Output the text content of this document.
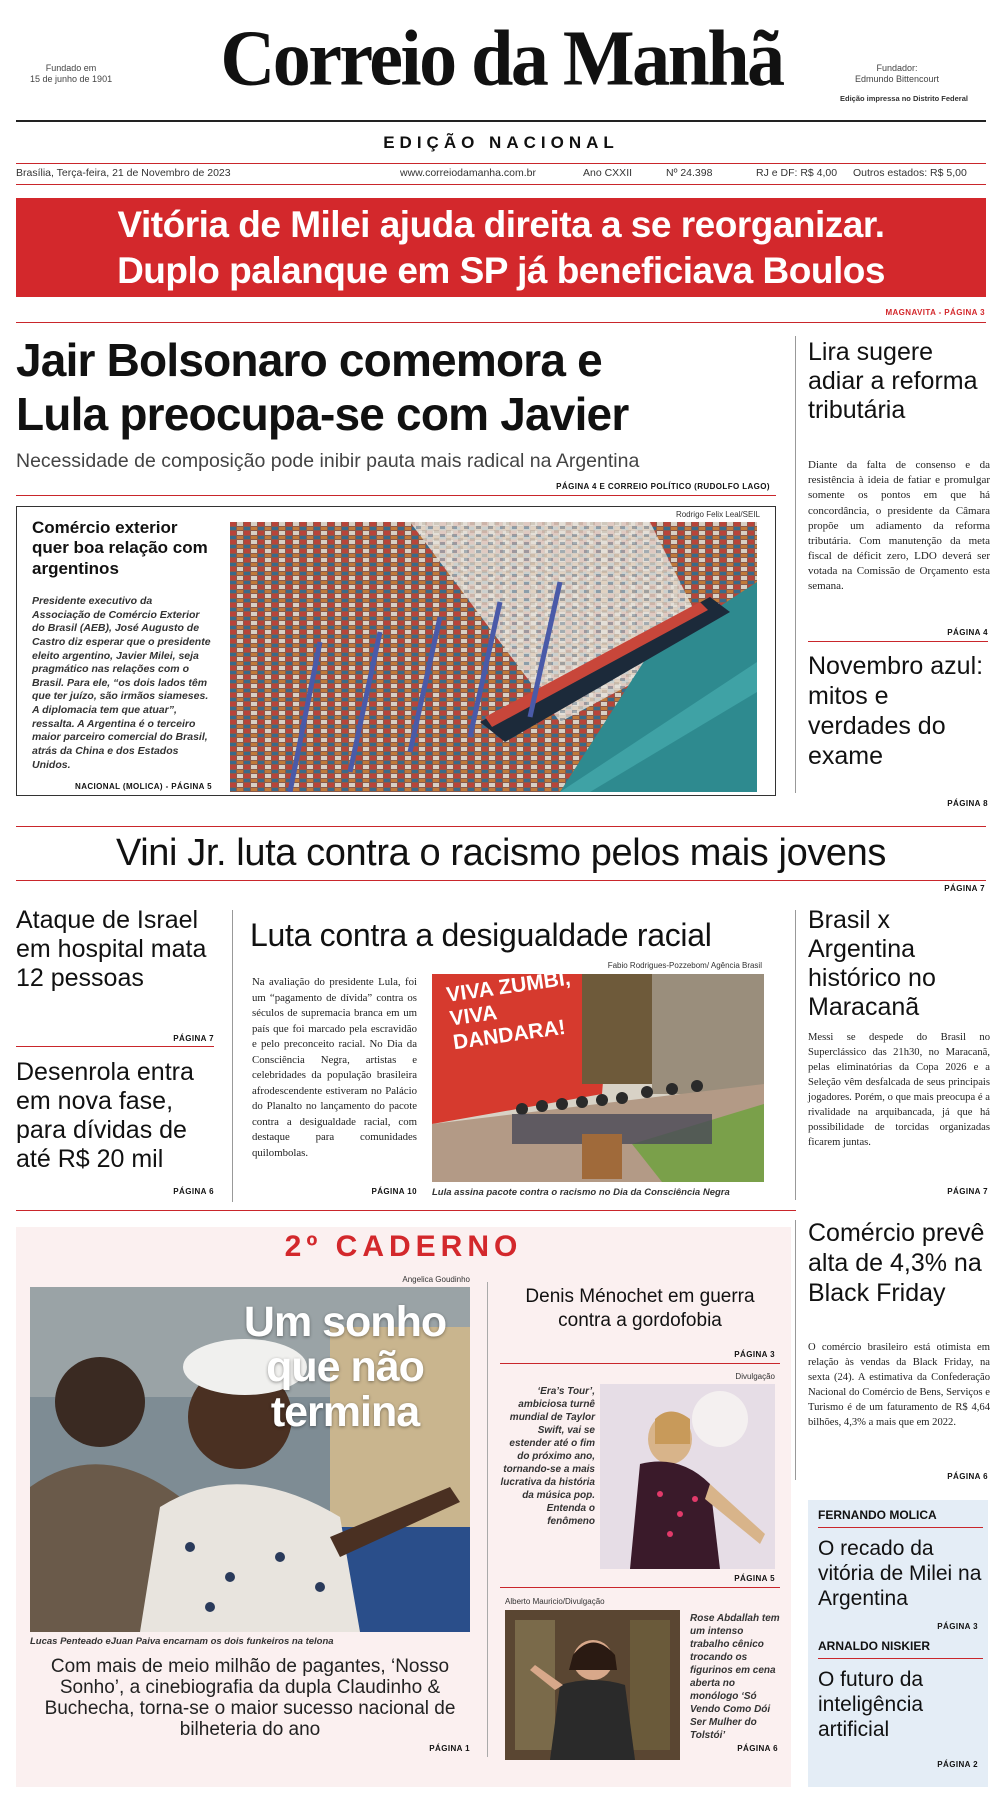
Fundado em
15 de junho de 1901	Correio da Manhã	Fundador:
Edmundo Bittencourt
Edição impressa no Distrito Federal
EDIÇÃO NACIONAL
Brasília, Terça-feira, 21 de Novembro de 2023	www.correiodamanha.com.br	Ano CXXII	Nº 24.398	RJ e DF: R$ 4,00 Outros estados: R$ 5,00
Vitória de Milei ajuda direita a se reorganizar.
Duplo palanque em SP já beneficiava Boulos
MAGNAVITA - PÁGINA 3
Jair Bolsonaro comemora e
Lula preocupa-se com Javier
Necessidade de composição pode inibir pauta mais radical na Argentina
PÁGINA 4 E CORREIO POLÍTICO (RUDOLFO LAGO)
Comércio exterior quer boa relação com argentinos
Presidente executivo da Associação de Comércio Exterior do Brasil (AEB), José Augusto de Castro diz esperar que o presidente eleito argentino, Javier Milei, seja pragmático nas relações com o Brasil. Para ele, “os dois lados têm que ter juízo, são irmãos siameses. A diplomacia tem que atuar”, ressalta. A Argentina é o terceiro maior parceiro comercial do Brasil, atrás da China e dos Estados Unidos.
NACIONAL (MOLICA) - PÁGINA 5
Rodrigo Felix Leal/SEIL
Lira sugere adiar a reforma tributária
Diante da falta de consenso e da resistência à ideia de fatiar e promulgar somente os pontos em que há concordância, o presidente da Câmara propõe um adiamento da reforma tributária. Com manutenção da meta fiscal de déficit zero, LDO deverá ser votada na Comissão de Orçamento esta semana.
PÁGINA 4
Novembro azul: mitos e verdades do exame
PÁGINA 8
Vini Jr. luta contra o racismo pelos mais jovens
PÁGINA 7
Ataque de Israel em hospital mata 12 pessoas
PÁGINA 7
Desenrola entra em nova fase, para dívidas de até R$ 20 mil
PÁGINA 6
Luta contra a desigualdade racial
Na avaliação do presidente Lula, foi um “pagamento de dívida” contra os séculos de supremacia branca em um país que foi marcado pela escravidão e pelo preconceito racial. No Dia da Consciência Negra, artistas e celebridades da população brasileira afrodescendente estiveram no Palácio do Planalto no lançamento do pacote contra a desigualdade racial, com destaque para comunidades quilombolas.
PÁGINA 10
Fabio Rodrigues-Pozzebom/ Agência Brasil
VIVA ZUMBI,
VIVA DANDARA!
Lula assina pacote contra o racismo no Dia da Consciência Negra
Brasil x Argentina histórico no Maracanã
Messi se despede do Brasil no Superclássico das 21h30, no Maracanã, pelas eliminatórias da Copa 2026 e a Seleção vêm desfalcada de seus principais jogadores. Porém, o que mais preocupa é a rivalidade na arquibancada, já que há possibilidade de torcidas organizadas ficarem juntas.
PÁGINA 7
2º CADERNO
Angelica Goudinho
Um sonho que não termina
Lucas Penteado eJuan Paiva encarnam os dois funkeiros na telona
Com mais de meio milhão de pagantes, ‘Nosso Sonho’, a cinebiografia da dupla Claudinho & Buchecha, torna-se o maior sucesso nacional de bilheteria do ano
PÁGINA 1
Denis Ménochet em guerra contra a gordofobia
PÁGINA 3
Divulgação
‘Era’s Tour’, ambiciosa turnê mundial de Taylor Swift, vai se estender até o fim do próximo ano, tornando-se a mais lucrativa da história da música pop. Entenda o fenômeno
PÁGINA 5
Alberto Mauricio/Divulgação
Rose Abdallah tem um intenso trabalho cênico trocando os figurinos em cena aberta no monólogo ‘Só Vendo Como Dói Ser Mulher do Tolstói’
PÁGINA 6
Comércio prevê alta de 4,3% na Black Friday
O comércio brasileiro está otimista em relação às vendas da Black Friday, na sexta (24). A estimativa da Confederação Nacional do Comércio de Bens, Serviços e Turismo é de um faturamento de R$ 4,64 bilhões, 4,3% a mais que em 2022.
PÁGINA 6
FERNANDO MOLICA
O recado da vitória de Milei na Argentina
PÁGINA 3
ARNALDO NISKIER
O futuro da inteligência artificial
PÁGINA 2
